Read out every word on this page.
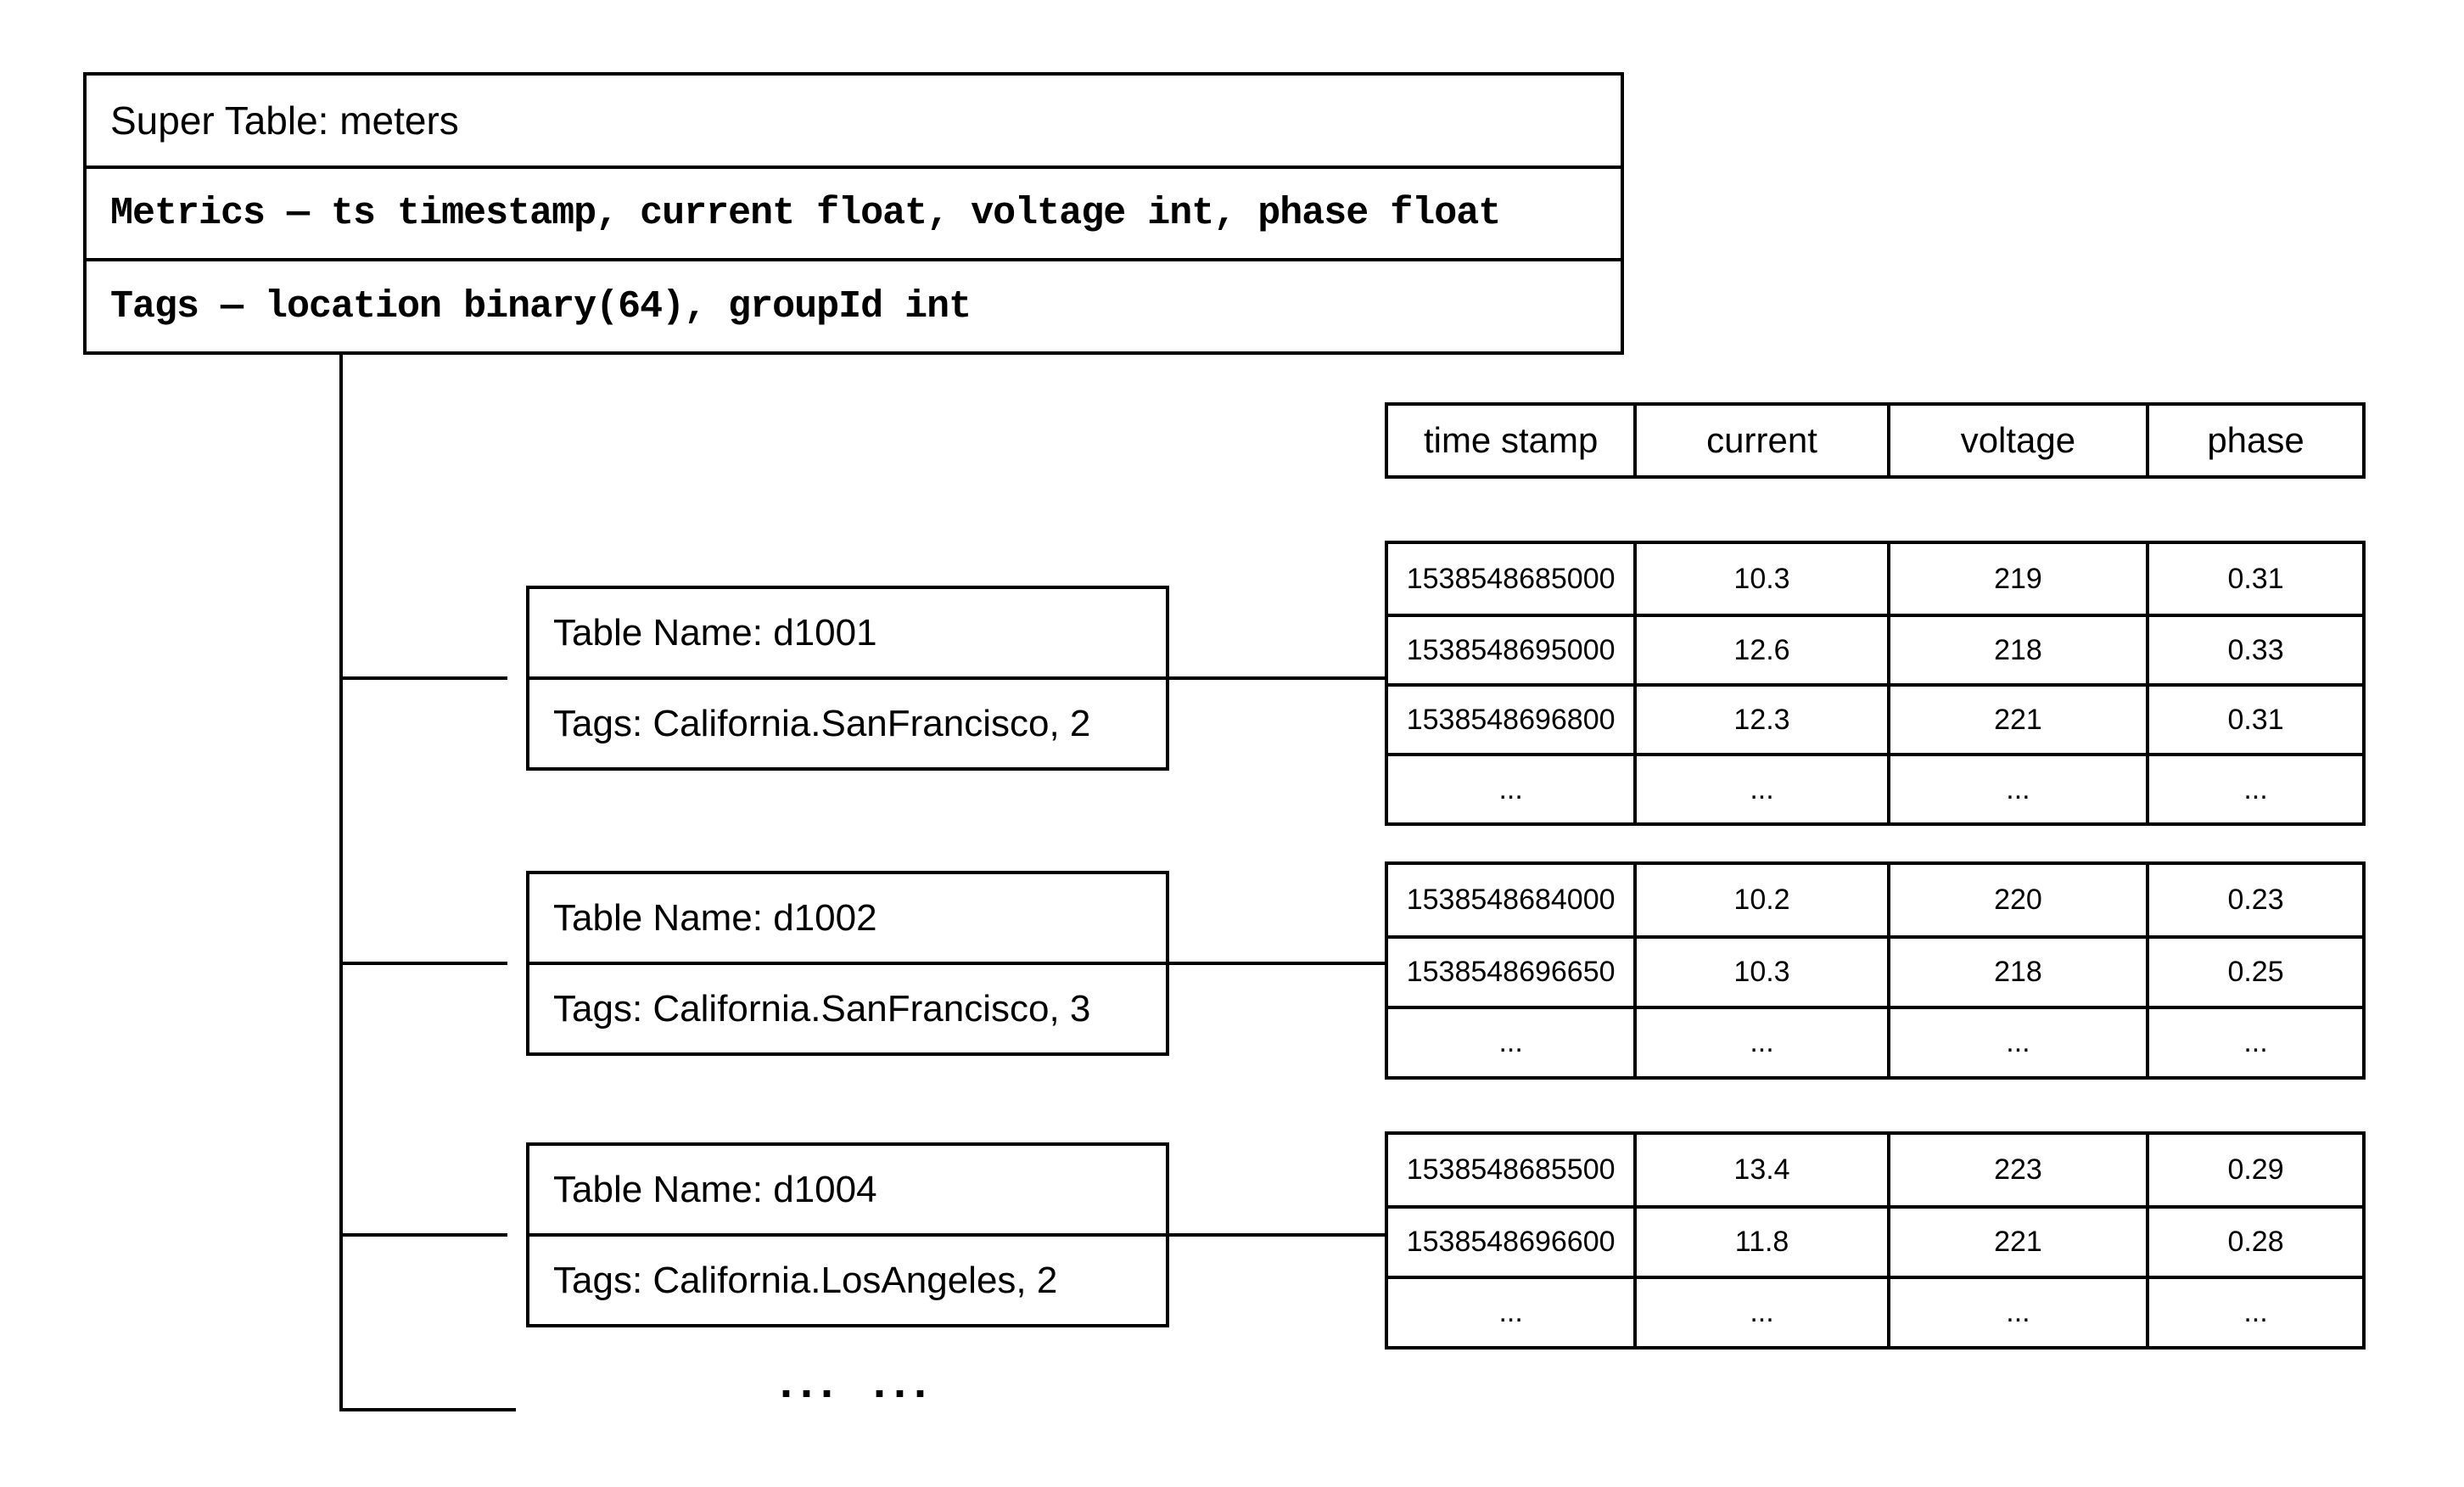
Super Table: meters
Metrics — ts timestamp, current float, voltage int, phase float
Tags — location binary(64), groupId int
time stamp	current	voltage	phase
Table Name: d1001
Tags: California.SanFrancisco, 2
1538548685000	10.3	219	0.31
1538548695000	12.6	218	0.33
1538548696800	12.3	221	0.31
...	...	...	...
Table Name: d1002
Tags: California.SanFrancisco, 3
1538548684000	10.2	220	0.23
1538548696650	10.3	218	0.25
...	...	...	...
Table Name: d1004
Tags: California.LosAngeles, 2
1538548685500	13.4	223	0.29
1538548696600	11.8	221	0.28
...	...	...	...
... ...
